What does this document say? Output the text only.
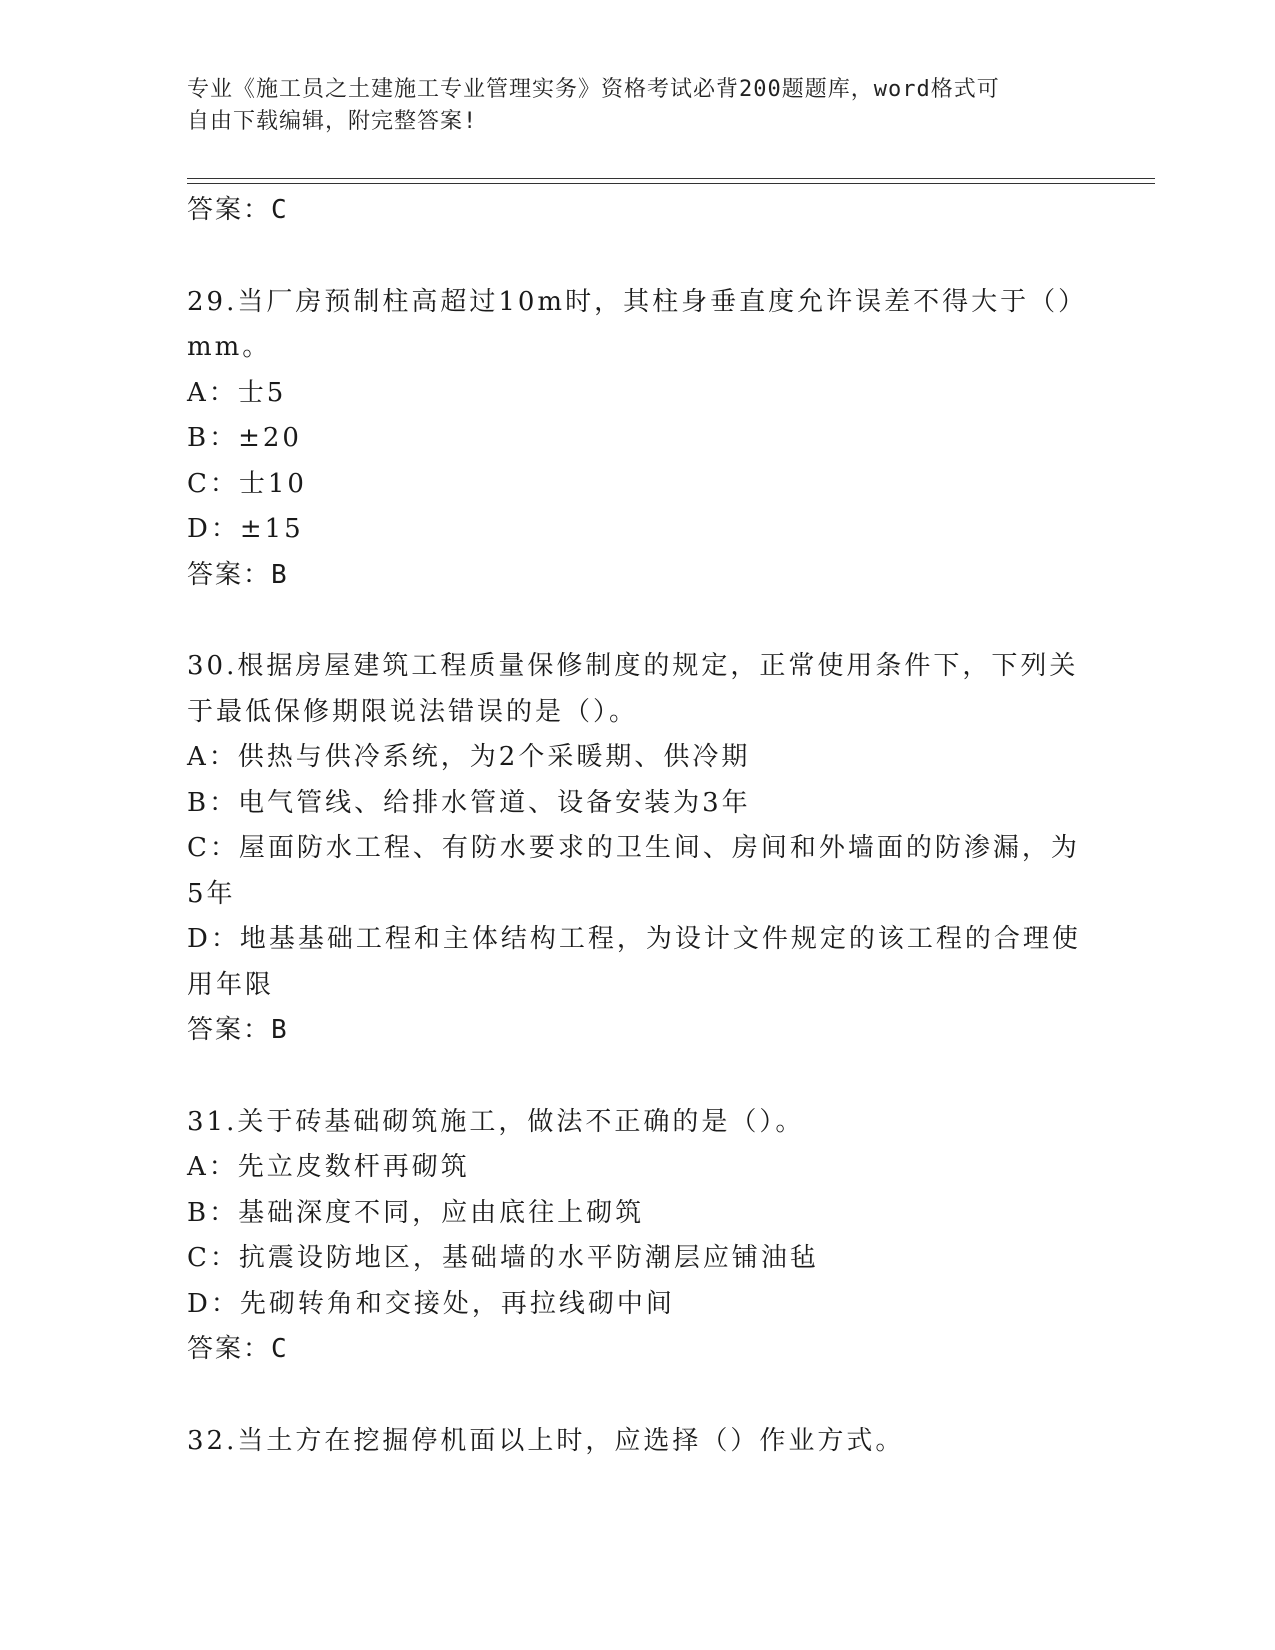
专业《施工员之土建施工专业管理实务》资格考试必背200题题库，word格式可
自由下载编辑，附完整答案!
答案：C
29.当厂房预制柱高超过10m时，其柱身垂直度允许误差不得大于（）
mm。
A：士5
B：±20
C：士10
D：±15
答案：B
30.根据房屋建筑工程质量保修制度的规定，正常使用条件下，下列关
于最低保修期限说法错误的是（）。
A：供热与供冷系统，为2个采暖期、供冷期
B：电气管线、给排水管道、设备安装为3年
C：屋面防水工程、有防水要求的卫生间、房间和外墙面的防渗漏，为
5年
D：地基基础工程和主体结构工程，为设计文件规定的该工程的合理使
用年限
答案：B
31.关于砖基础砌筑施工，做法不正确的是（）。
A：先立皮数杆再砌筑
B：基础深度不同，应由底往上砌筑
C：抗震设防地区，基础墙的水平防潮层应铺油毡
D：先砌转角和交接处，再拉线砌中间
答案：C
32.当土方在挖掘停机面以上时，应选择（）作业方式。
